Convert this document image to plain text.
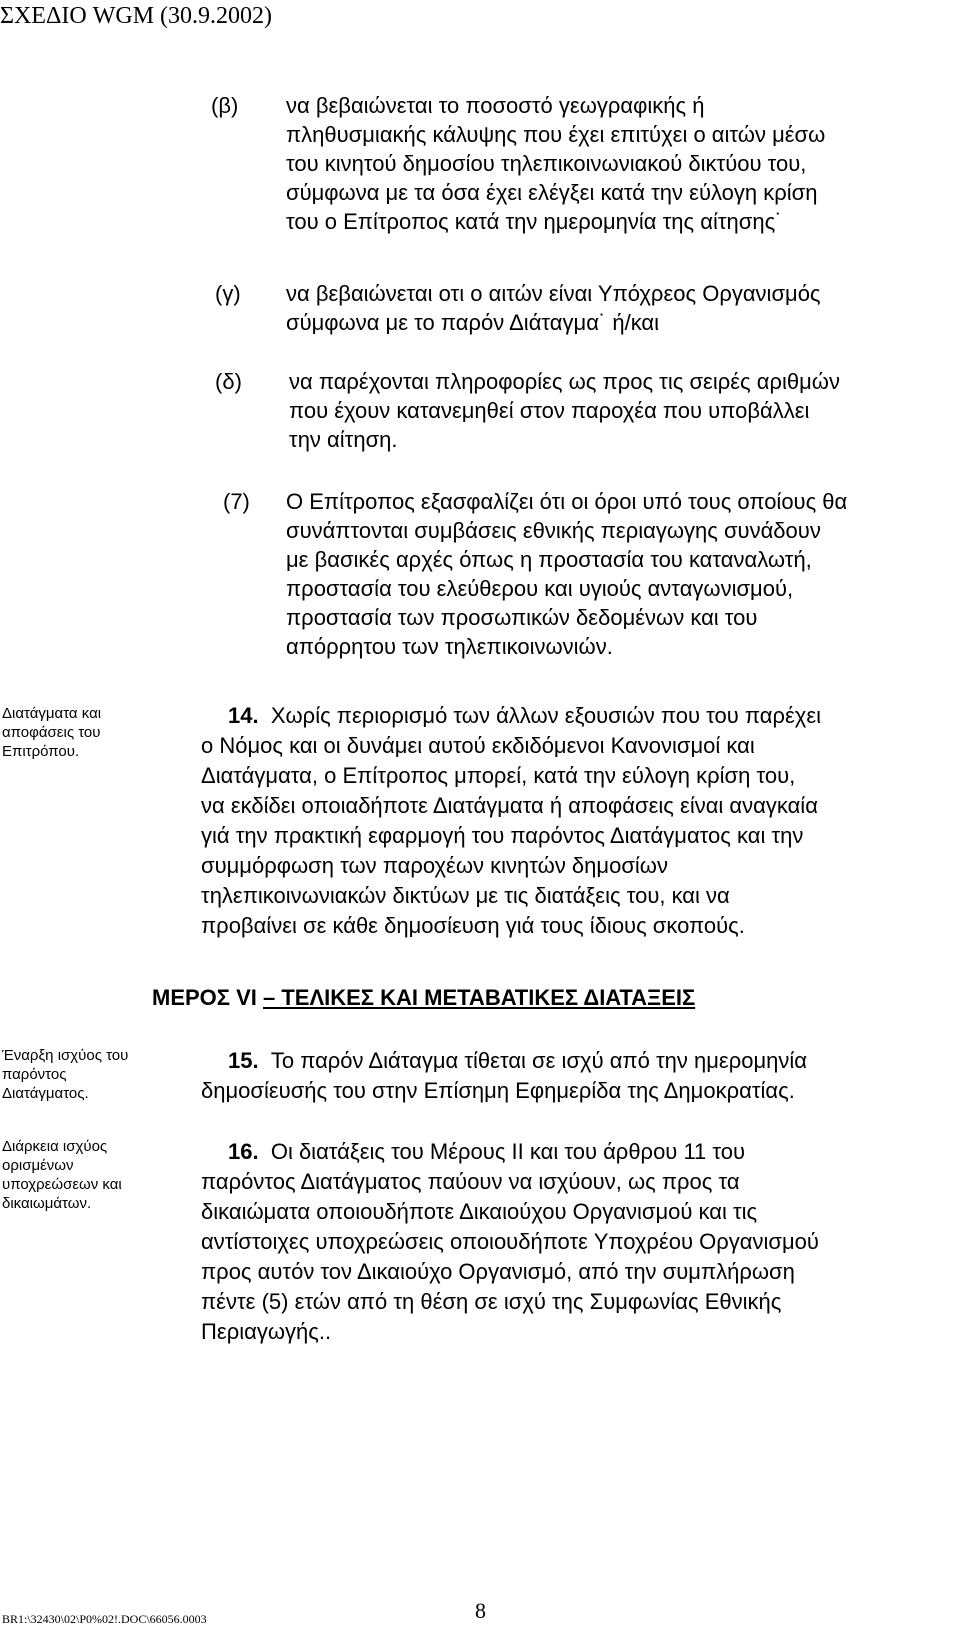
ΣΧΕΔΙΟ WGM (30.9.2002)
(β) να βεβαιώνεται το ποσοστό γεωγραφικής ή
πληθυσμιακής κάλυψης που έχει επιτύχει ο αιτών μέσω
του κινητού δημοσίου τηλεπικοινωνιακού δικτύου του,
σύμφωνα με τα όσα έχει ελέγξει κατά την εύλογη κρίση
του ο Επίτροπος κατά την ημερομηνία της αίτησης˙
(γ) να βεβαιώνεται οτι ο αιτών είναι Υπόχρεος Οργανισμός
σύμφωνα με το παρόν Διάταγμα˙ ή/και
(δ) να παρέχονται πληροφορίες ως προς τις σειρές αριθμών
που έχουν κατανεμηθεί στον παροχέα που υποβάλλει
την αίτηση.
(7) Ο Επίτροπος εξασφαλίζει ότι οι όροι υπό τους οποίους θα
συνάπτονται συμβάσεις εθνικής περιαγωγης συνάδουν
με βασικές αρχές όπως η προστασία του καταναλωτή,
προστασία του ελεύθερου και υγιούς ανταγωνισμού,
προστασία των προσωπικών δεδομένων και του
απόρρητου των τηλεπικοινωνιών.
Διατάγματα και
αποφάσεις του
Επιτρόπου.
14. Χωρίς περιορισμό των άλλων εξουσιών που του παρέχει
ο Νόμος και οι δυνάμει αυτού εκδιδόμενοι Κανονισμοί και
Διατάγματα, ο Επίτροπος μπορεί, κατά την εύλογη κρίση του,
να εκδίδει οποιαδήποτε Διατάγματα ή αποφάσεις είναι αναγκαία
γιά την πρακτική εφαρμογή του παρόντος Διατάγματος και την
συμμόρφωση των παροχέων κινητών δημοσίων
τηλεπικοινωνιακών δικτύων με τις διατάξεις του, και να
προβαίνει σε κάθε δημοσίευση γιά τους ίδιους σκοπούς.
ΜΕΡΟΣ VI – ΤΕΛΙΚΕΣ ΚΑΙ ΜΕΤΑΒΑΤΙΚΕΣ ΔΙΑΤΑΞΕΙΣ
Έναρξη ισχύος του
παρόντος
Διατάγματος.
15. Το παρόν Διάταγμα τίθεται σε ισχύ από την ημερομηνία
δημοσίευσής του στην Επίσημη Εφημερίδα της Δημοκρατίας.
Διάρκεια ισχύος
ορισμένων
υποχρεώσεων και
δικαιωμάτων.
16. Οι διατάξεις του Μέρους II και του άρθρου 11 του
παρόντος Διατάγματος παύουν να ισχύουν, ως προς τα
δικαιώματα οποιουδήποτε Δικαιούχου Οργανισμού και τις
αντίστοιχες υποχρεώσεις οποιουδήποτε Υποχρέου Οργανισμού
προς αυτόν τον Δικαιούχο Οργανισμό, από την συμπλήρωση
πέντε (5) ετών από τη θέση σε ισχύ της Συμφωνίας Εθνικής
Περιαγωγής..
BR1:\32430\02\P0%02!.DOC\66056.0003	8
